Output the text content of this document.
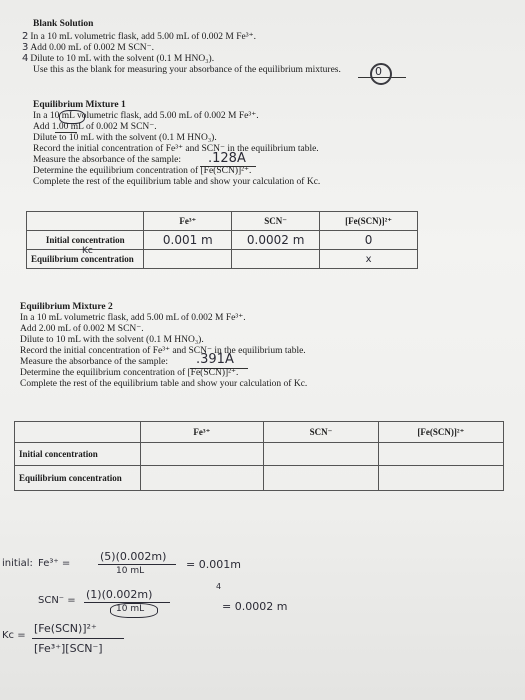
Blank Solution
2 In a 10 mL volumetric flask, add 5.00 mL of 0.002 M Fe³⁺.
3 Add 0.00 mL of 0.002 M SCN⁻.
4 Dilute to 10 mL with the solvent (0.1 M HNO₃).
Use this as the blank for measuring your absorbance of the equilibrium mixtures.	0
Equilibrium Mixture 1
In a 10 mL volumetric flask, add 5.00 mL of 0.002 M Fe³⁺.
Add 1.00 mL of 0.002 M SCN⁻.
Dilute to 10 mL with the solvent (0.1 M HNO₃).
Record the initial concentration of Fe³⁺ and SCN⁻ in the equilibrium table.
Measure the absorbance of the sample: .128A
Determine the equilibrium concentration of [Fe(SCN)]²⁺.
Complete the rest of the equilibrium table and show your calculation of Kc.
	Fe³⁺	SCN⁻	[Fe(SCN)]²⁺
Initial concentration	0.001 m	0.0002 m	0
Equilibrium concentration			x
Kc
Equilibrium Mixture 2
In a 10 mL volumetric flask, add 5.00 mL of 0.002 M Fe³⁺.
Add 2.00 mL of 0.002 M SCN⁻.
Dilute to 10 mL with the solvent (0.1 M HNO₃).
Record the initial concentration of Fe³⁺ and SCN⁻ in the equilibrium table.
Measure the absorbance of the sample: .391A
Determine the equilibrium concentration of [Fe(SCN)]²⁺.
Complete the rest of the equilibrium table and show your calculation of Kc.
	Fe³⁺	SCN⁻	[Fe(SCN)]²⁺
Initial concentration			
Equilibrium concentration			
initial: Fe³⁺ =
(5)(0.002m)
10 mL	= 0.001m
4
SCN⁻ = (1)(0.002m)
10 mL	= 0.0002 m
Kc =
[Fe(SCN)]²⁺
[Fe³⁺][SCN⁻]
